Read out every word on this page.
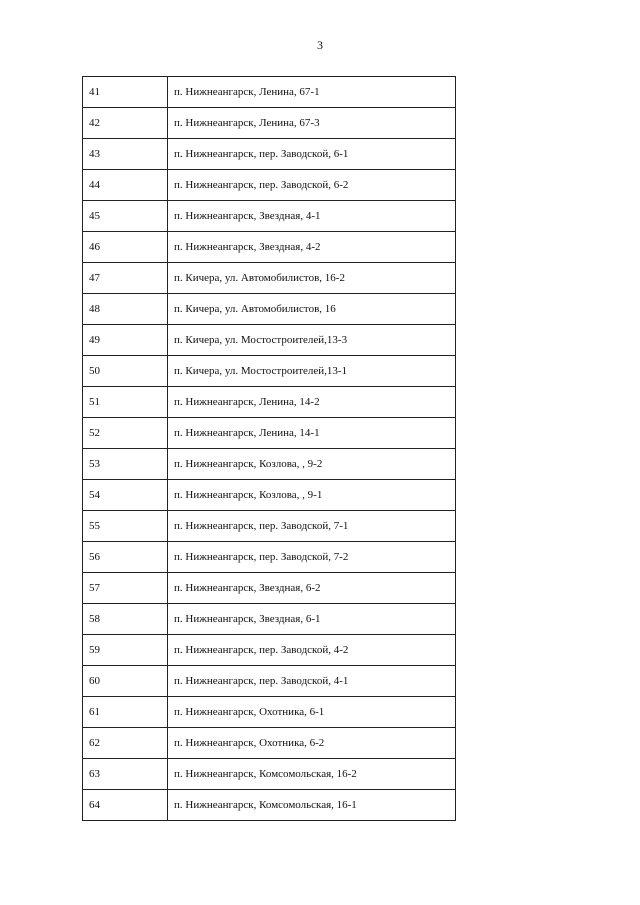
3
41	п. Нижнеангарск, Ленина, 67-1
42	п. Нижнеангарск, Ленина, 67-3
43	п. Нижнеангарск, пер. Заводской, 6-1
44	п. Нижнеангарск, пер. Заводской, 6-2
45	п. Нижнеангарск, Звездная, 4-1
46	п. Нижнеангарск, Звездная, 4-2
47	п. Кичера, ул. Автомобилистов, 16-2
48	п. Кичера, ул. Автомобилистов, 16
49	п. Кичера, ул. Мостостроителей,13-3
50	п. Кичера, ул. Мостостроителей,13-1
51	п. Нижнеангарск, Ленина, 14-2
52	п. Нижнеангарск, Ленина, 14-1
53	п. Нижнеангарск, Козлова, , 9-2
54	п. Нижнеангарск, Козлова, , 9-1
55	п. Нижнеангарск, пер. Заводской, 7-1
56	п. Нижнеангарск, пер. Заводской, 7-2
57	п. Нижнеангарск, Звездная, 6-2
58	п. Нижнеангарск, Звездная, 6-1
59	п. Нижнеангарск, пер. Заводской, 4-2
60	п. Нижнеангарск, пер. Заводской, 4-1
61	п. Нижнеангарск, Охотника, 6-1
62	п. Нижнеангарск, Охотника, 6-2
63	п. Нижнеангарск, Комсомольская, 16-2
64	п. Нижнеангарск, Комсомольская, 16-1
